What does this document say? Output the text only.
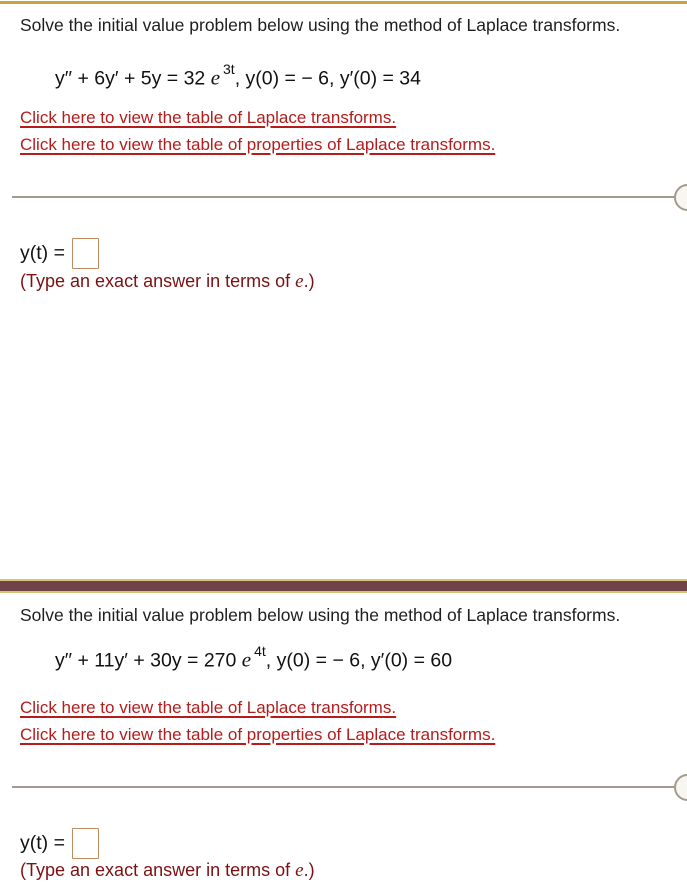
Solve the initial value problem below using the method of Laplace transforms.
y′′ + 6y′ + 5y = 32 e $^{3t}$, y(0) = − 6, y′(0) = 34
Click here to view the table of Laplace transforms.
Click here to view the table of properties of Laplace transforms.
y(t) =
(Type an exact answer in terms of e.)
Solve the initial value problem below using the method of Laplace transforms.
y′′ + 11y′ + 30y = 270 e $^{4t}$, y(0) = − 6, y′(0) = 60
Click here to view the table of Laplace transforms.
Click here to view the table of properties of Laplace transforms.
y(t) =
(Type an exact answer in terms of e.)
